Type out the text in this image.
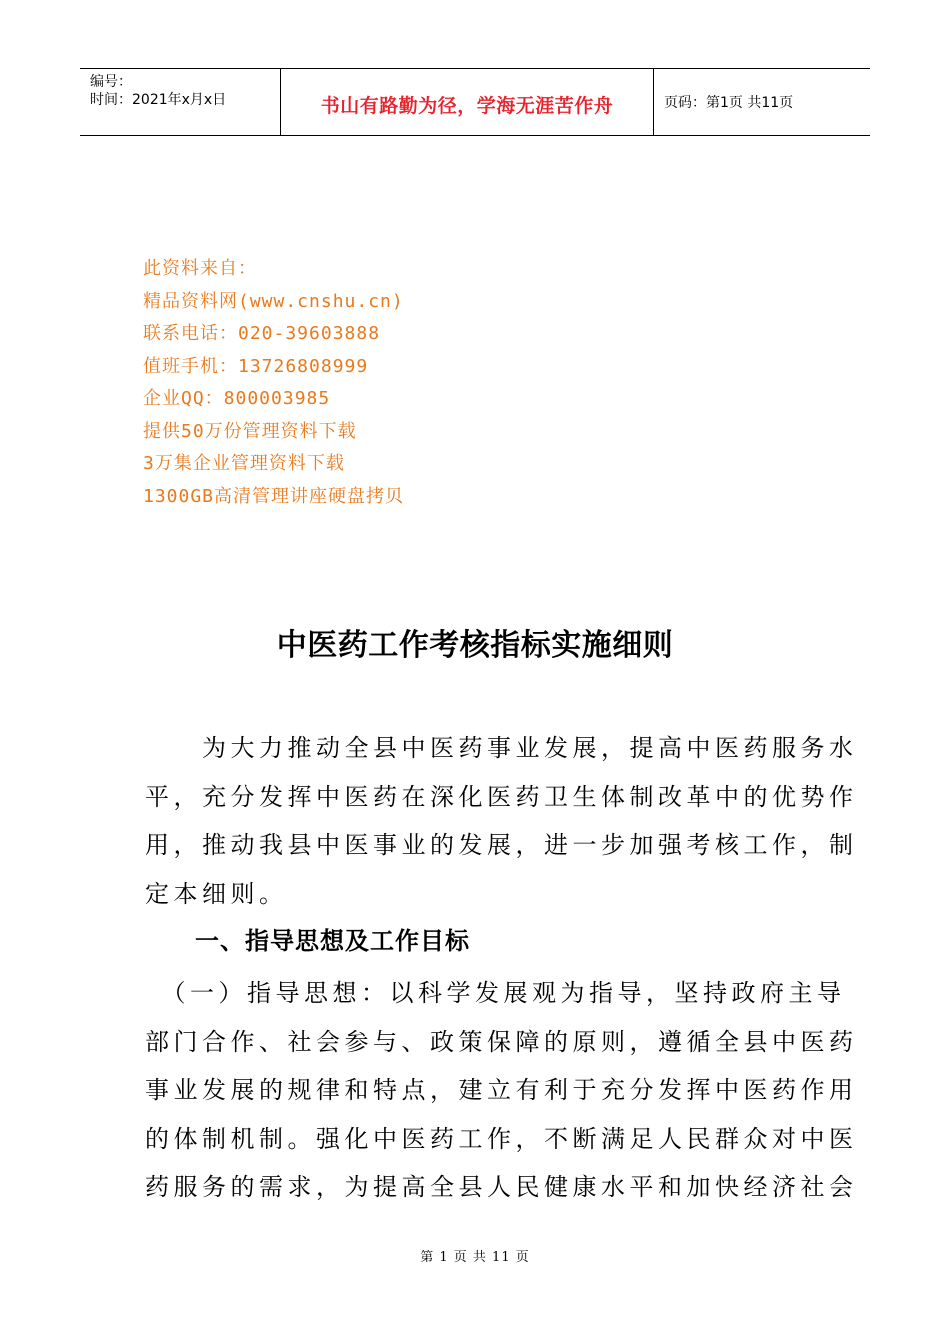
编号：
时间：2021年x月x日	书山有路勤为径，学海无涯苦作舟	页码：第1页 共11页
此资料来自：
精品资料网(www.cnshu.cn)
联系电话：020-39603888
值班手机：13726808999
企业QQ：800003985
提供50万份管理资料下载
3万集企业管理资料下载
1300GB高清管理讲座硬盘拷贝
中医药工作考核指标实施细则
　　为大力推动全县中医药事业发展，提高中医药服务水
平，充分发挥中医药在深化医药卫生体制改革中的优势作
用，推动我县中医事业的发展，进一步加强考核工作，制
定本细则。
一、指导思想及工作目标
　（一）指导思想：以科学发展观为指导，坚持政府主导
部门合作、社会参与、政策保障的原则，遵循全县中医药
事业发展的规律和特点，建立有利于充分发挥中医药作用
的体制机制。强化中医药工作，不断满足人民群众对中医
药服务的需求，为提高全县人民健康水平和加快经济社会
第 1 页 共 11 页
